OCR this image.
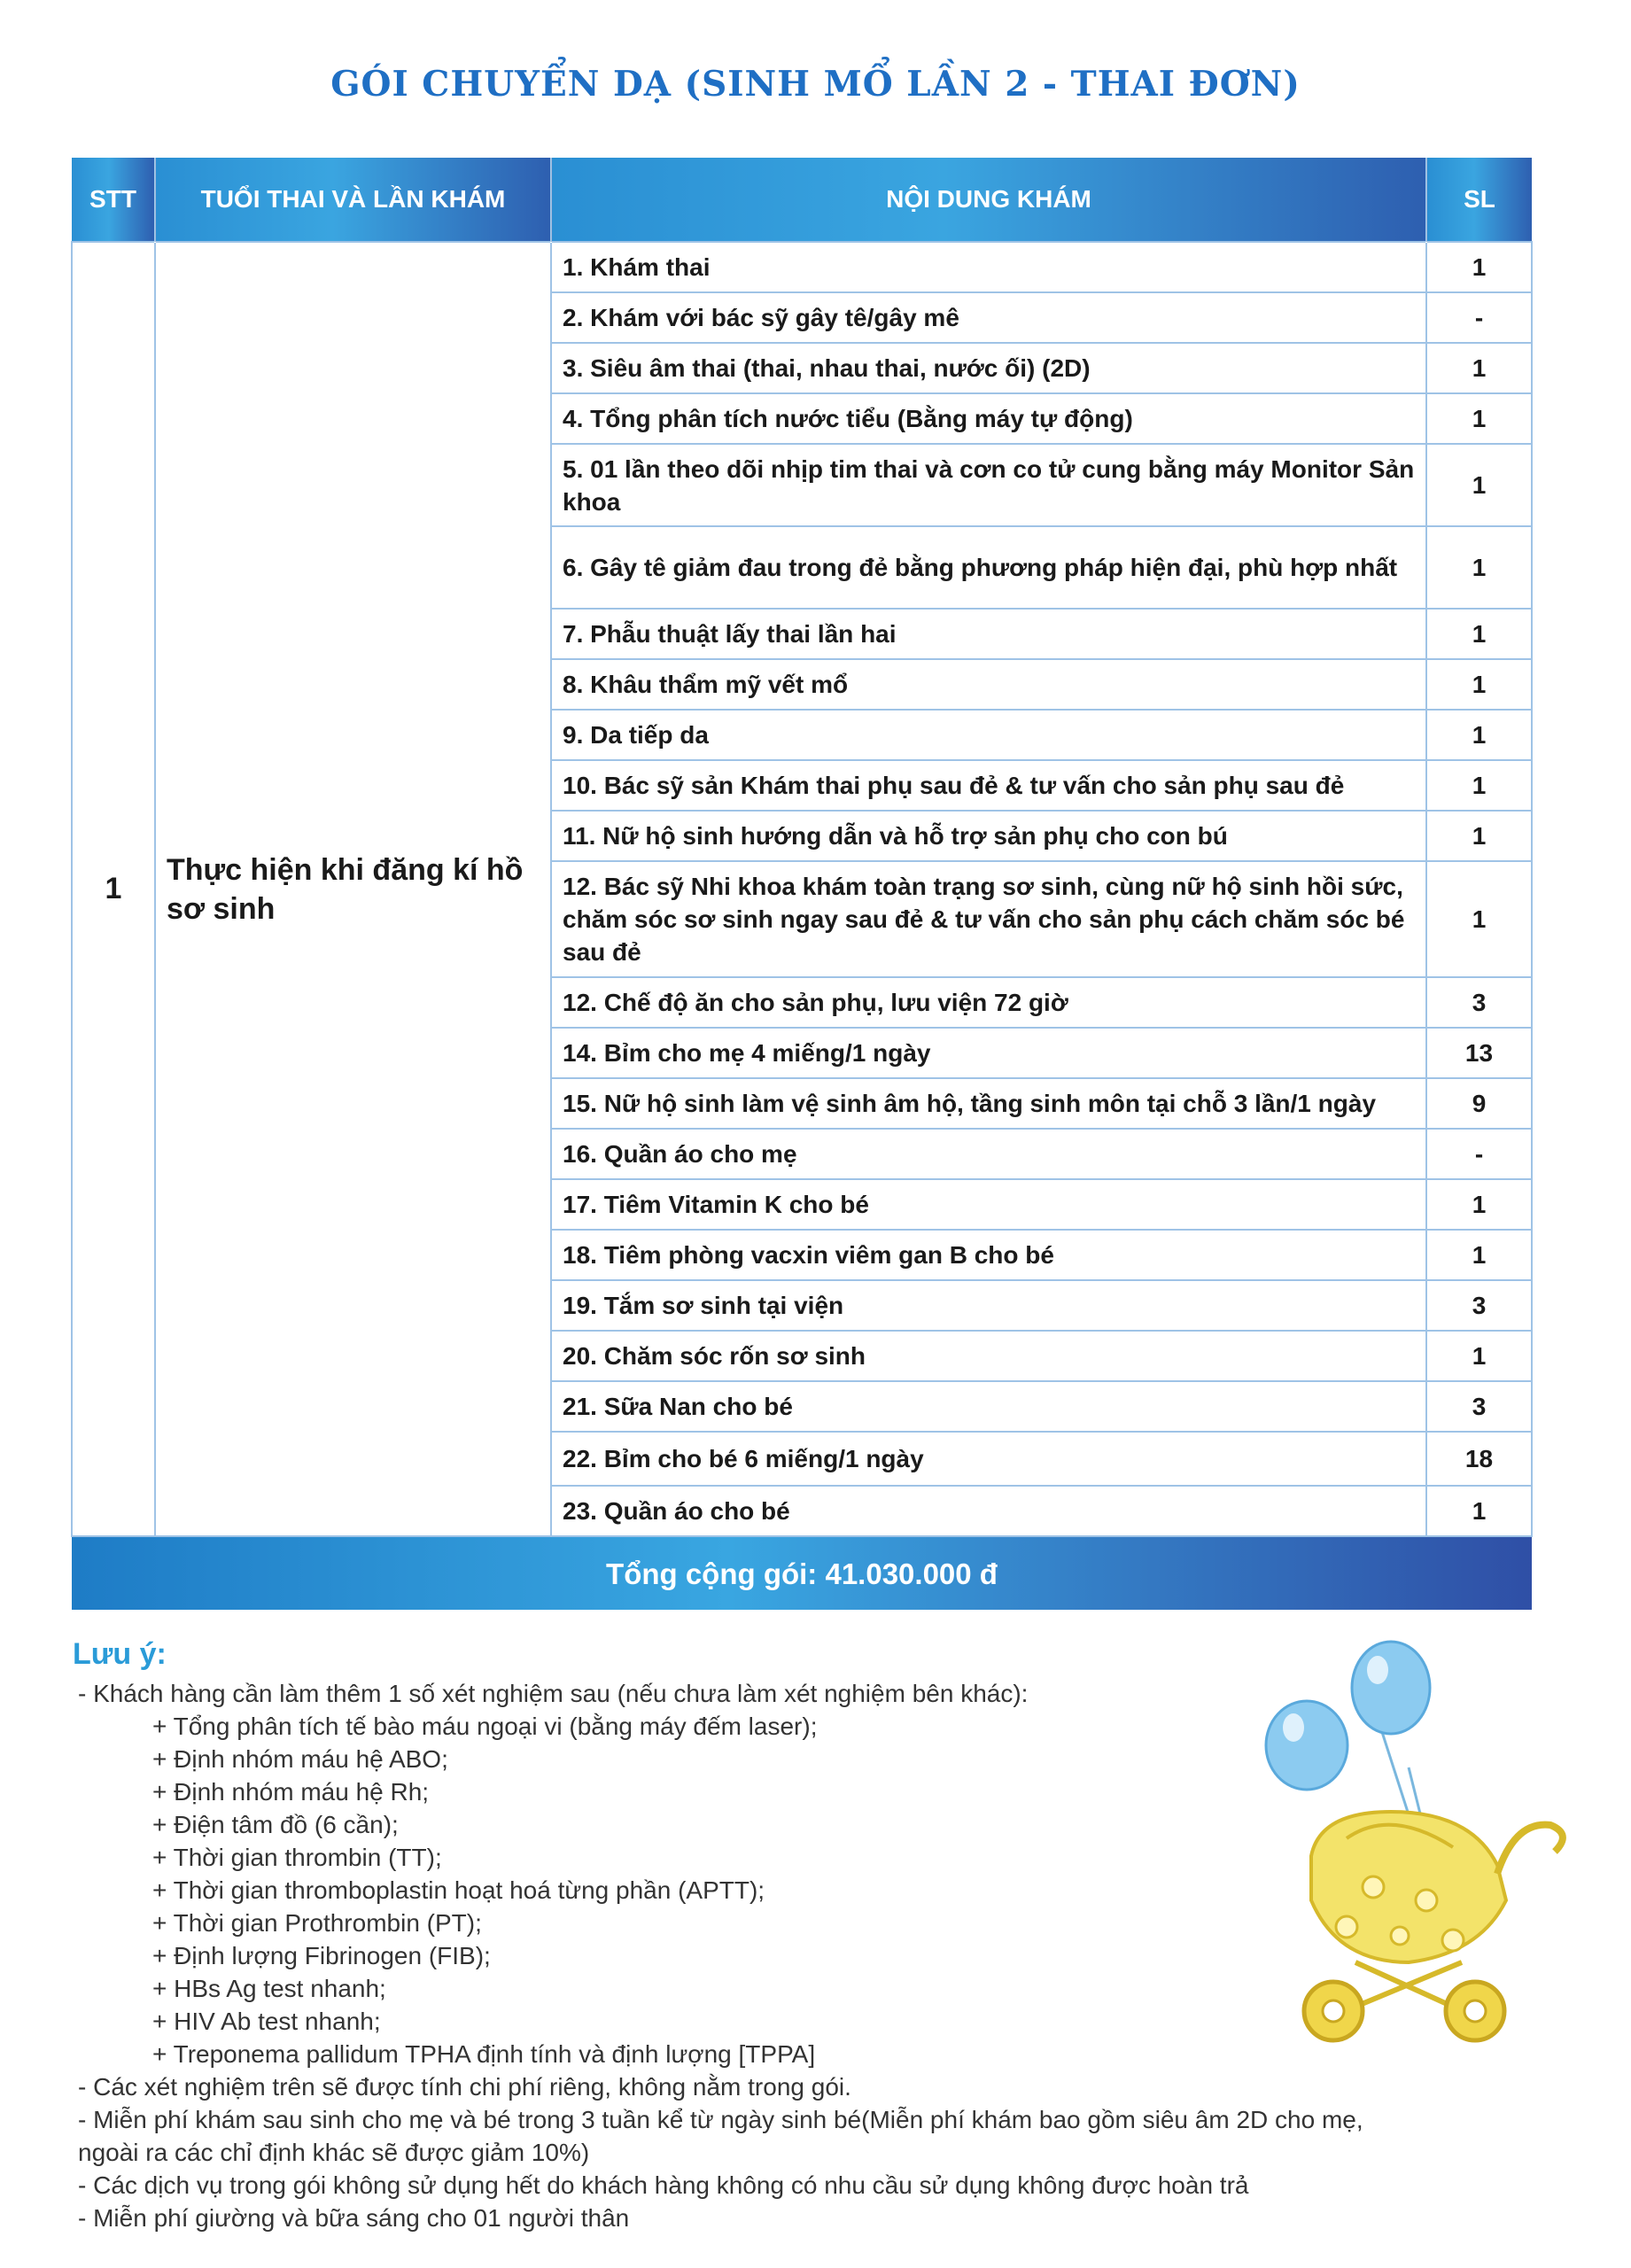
GÓI CHUYỂN DẠ (SINH MỔ LẦN 2 - THAI ĐƠN)
STT	TUỔI THAI VÀ LẦN KHÁM	NỘI DUNG KHÁM	SL
1	Thực hiện khi đăng kí hồ sơ sinh	1. Khám thai	1
		2. Khám với bác sỹ gây tê/gây mê	-
		3. Siêu âm thai (thai, nhau thai, nước ối) (2D)	1
		4. Tổng phân tích nước tiểu (Bằng máy tự động)	1
		5. 01 lần theo dõi nhịp tim thai và cơn co tử cung bằng máy Monitor Sản khoa	1
		6. Gây tê giảm đau trong đẻ bằng phương pháp hiện đại, phù hợp nhất	1
		7. Phẫu thuật lấy thai lần hai	1
		8. Khâu thẩm mỹ vết mổ	1
		9. Da tiếp da	1
		10. Bác sỹ sản Khám thai phụ sau đẻ & tư vấn cho sản phụ sau đẻ	1
		11. Nữ hộ sinh hướng dẫn và hỗ trợ sản phụ cho con bú	1
		12. Bác sỹ Nhi khoa khám toàn trạng sơ sinh, cùng nữ hộ sinh hồi sức, chăm sóc sơ sinh ngay sau đẻ & tư vấn cho sản phụ cách chăm sóc bé sau đẻ	1
		12. Chế độ ăn cho sản phụ, lưu viện 72 giờ	3
		14. Bỉm cho mẹ 4 miếng/1 ngày	13
		15. Nữ hộ sinh làm vệ sinh âm hộ, tầng sinh môn tại chỗ 3 lần/1 ngày	9
		16. Quần áo cho mẹ	-
		17. Tiêm Vitamin K cho bé	1
		18. Tiêm phòng vacxin viêm gan B cho bé	1
		19. Tắm sơ sinh tại viện	3
		20. Chăm sóc rốn sơ sinh	1
		21. Sữa Nan cho bé	3
		22. Bỉm cho bé 6 miếng/1 ngày	18
		23. Quần áo cho bé	1
Tổng cộng gói: 41.030.000 đ			
Lưu ý:
- Khách hàng cần làm thêm 1 số xét nghiệm sau (nếu chưa làm xét nghiệm bên khác):
+ Tổng phân tích tế bào máu ngoại vi (bằng máy đếm laser);
+ Định nhóm máu hệ ABO;
+ Định nhóm máu hệ Rh;
+ Điện tâm đồ (6 cần);
+ Thời gian thrombin (TT);
+ Thời gian thromboplastin hoạt hoá từng phần (APTT);
+ Thời gian Prothrombin (PT);
+ Định lượng Fibrinogen (FIB);
+ HBs Ag test nhanh;
+ HIV Ab test nhanh;
+ Treponema pallidum TPHA định tính và định lượng [TPPA]
- Các xét nghiệm trên sẽ được tính chi phí riêng, không nằm trong gói.
- Miễn phí khám sau sinh cho mẹ và bé trong 3 tuần kể từ ngày sinh bé(Miễn phí khám bao gồm siêu âm 2D cho mẹ, ngoài ra các chỉ định khác sẽ được giảm 10%)
- Các dịch vụ trong gói không sử dụng hết do khách hàng không có nhu cầu sử dụng không được hoàn trả
- Miễn phí giường và bữa sáng cho 01 người thân
